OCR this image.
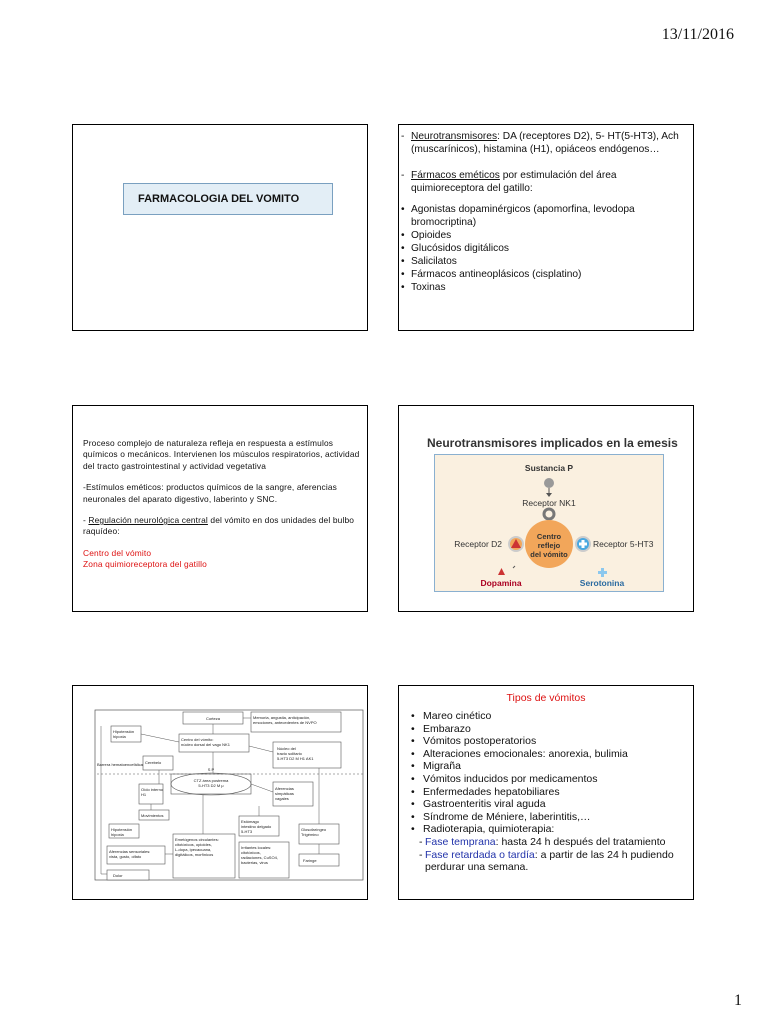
13/11/2016
FARMACOLOGIA DEL VOMITO
- Neurotransmisores: DA (receptores D2), 5- HT(5-HT3), Ach (muscarínicos), histamina (H1), opiáceos endógenos…
- Fármacos eméticos por estimulación del área quimioreceptora del gatillo:
• Agonistas dopaminérgicos (apomorfina, levodopa bromocriptina)
• Opioides
• Glucósidos digitálicos
• Salicilatos
• Fármacos antineoplásicos (cisplatino)
• Toxinas

Proceso complejo de naturaleza refleja en respuesta a estímulos químicos o mecánicos. Intervienen los músculos respiratorios, actividad del tracto gastrointestinal y actividad vegetativa

-Estímulos eméticos: productos químicos de la sangre, aferencias neuronales del aparato digestivo, laberinto y SNC.

- Regulación neurológica central del vómito en dos unidades del bulbo raquídeo:

Centro del vómito

Zona quimioreceptora del gatillo

Neurotransmisores implicados en la emesis
Sustancia P
Receptor NK1
Centro
reflejo
del vómito
Receptor D2	Receptor 5-HT3
Dopamina	Serotonina
Corteza	Memoria, angustia, anticipación, emociones, antecedentes de NVPO
Hipotensión hipoxia
Centro del vómito: núcleo dorsal del vago NK1
Núcleo del tracto solitario 5-HT3 D2 M H1 AK1
Cerebelo
S P
Barrera hematoencefálica
CTZ área postrema 5-HT3 D2 M μ
Oído interno H1
Aferencias simpáticas vagales
Movimientos
Hipotensión hipoxia
Estómago intestino delgado 5-HT3	Glosofaríngeo Trigémino
Emetógenos circulantes: citotóxicos, opioides, L-dopa, ipecacuana, digitálicos, morfínicos
Irritantes locales: citotóxicos, radiaciones, CuSO4, bacterias, virus
Aferencias sensoriales: vista, gusto, olfato
Faringe
Dolor
Tipos de vómitos
• Mareo cinético
• Embarazo
• Vómitos postoperatorios
• Alteraciones emocionales: anorexia, bulimia
• Migraña
• Vómitos inducidos por medicamentos
• Enfermedades hepatobiliares
• Gastroenteritis viral aguda
• Síndrome de Méniere, laberintitis,…
• Radioterapia, quimioterapia:
- Fase temprana: hasta 24 h después del tratamiento
- Fase retardada o tardía: a partir de las 24 h pudiendo perdurar una semana.
1
